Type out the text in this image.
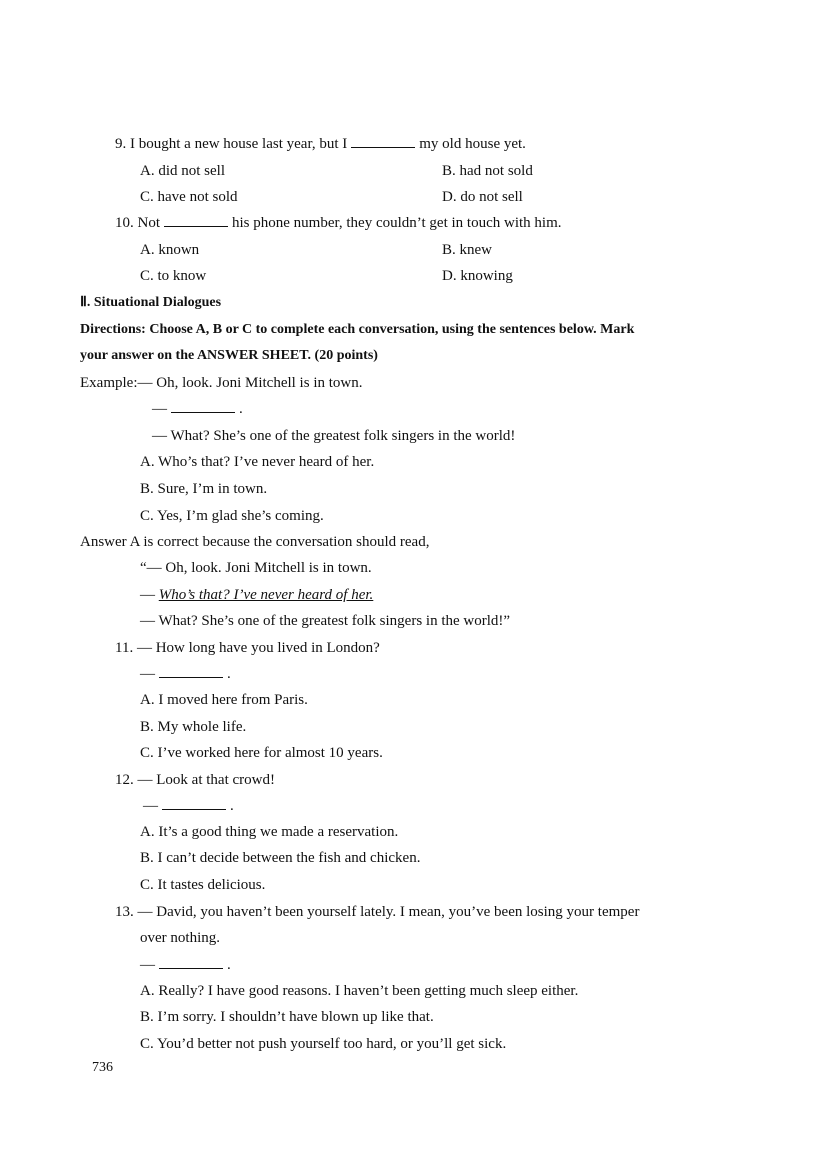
9. I bought a new house last year, but I	my old house yet.
A. did not sell	B. had not sold
C. have not sold	D. do not sell
10. Not	his phone number, they couldn’t get in touch with him.
A. known	B. knew
C. to know	D. knowing
Ⅱ. Situational Dialogues
Directions: Choose A, B or C to complete each conversation, using the sentences below. Mark
your answer on the ANSWER SHEET. (20 points)
Example:— Oh, look. Joni Mitchell is in town.
—	.
— What? She’s one of the greatest folk singers in the world!
A. Who’s that? I’ve never heard of her.
B. Sure, I’m in town.
C. Yes, I’m glad she’s coming.
Answer A is correct because the conversation should read,
“— Oh, look. Joni Mitchell is in town.
— Who’s that? I’ve never heard of her.
— What? She’s one of the greatest folk singers in the world!”
11. — How long have you lived in London?
—	.
A. I moved here from Paris.
B. My whole life.
C. I’ve worked here for almost 10 years.
12. — Look at that crowd!
—	.
A. It’s a good thing we made a reservation.
B. I can’t decide between the fish and chicken.
C. It tastes delicious.
13. — David, you haven’t been yourself lately. I mean, you’ve been losing your temper
over nothing.
—	.
A. Really? I have good reasons. I haven’t been getting much sleep either.
B. I’m sorry. I shouldn’t have blown up like that.
C. You’d better not push yourself too hard, or you’ll get sick.
736
